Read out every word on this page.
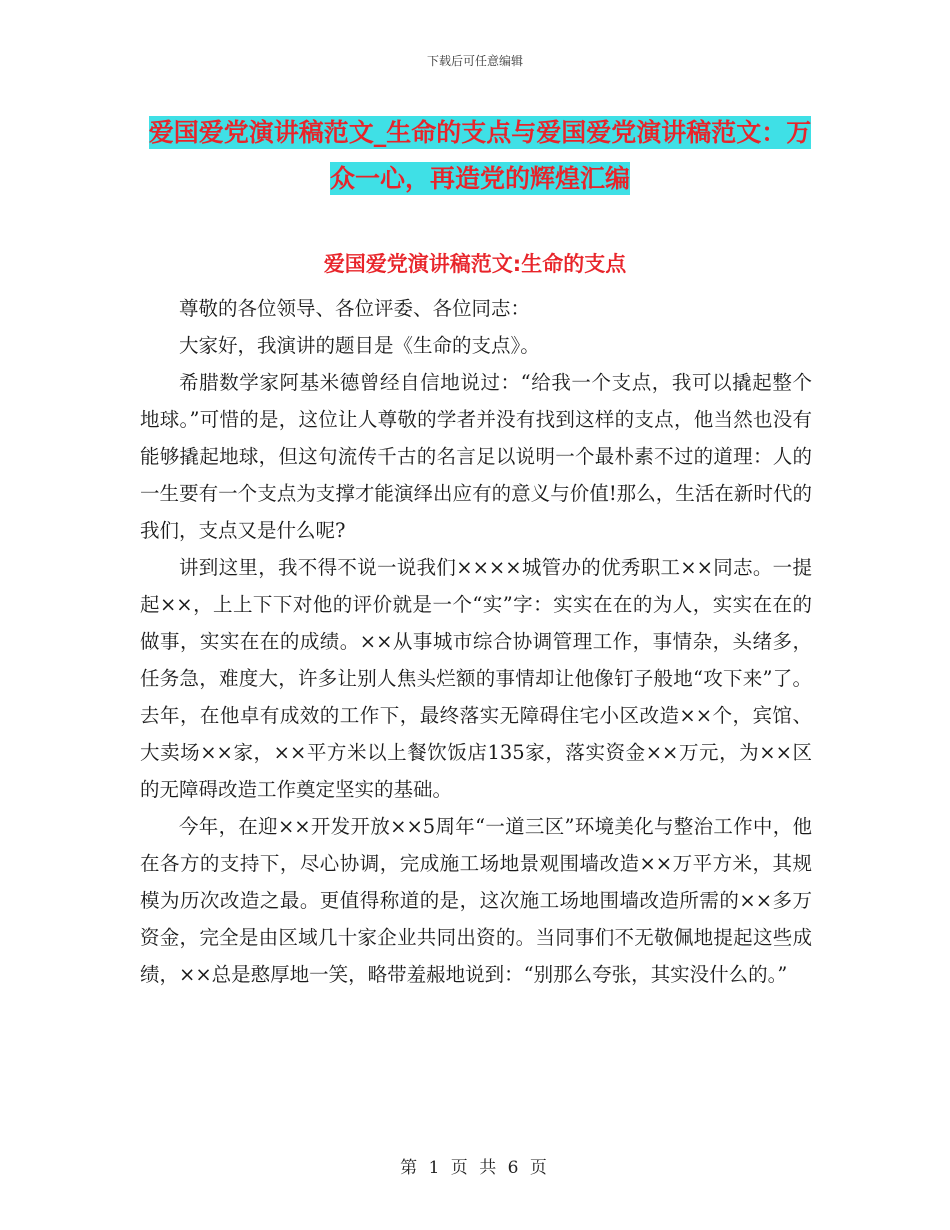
下载后可任意编辑
爱国爱党演讲稿范文_生命的支点与爱国爱党演讲稿范文：万众一心，再造党的辉煌汇编
爱国爱党演讲稿范文:生命的支点

尊敬的各位领导、各位评委、各位同志：

大家好，我演讲的题目是《生命的支点》。

希腊数学家阿基米德曾经自信地说过：“给我一个支点，我可以撬起整个地球。”可惜的是，这位让人尊敬的学者并没有找到这样的支点，他当然也没有能够撬起地球，但这句流传千古的名言足以说明一个最朴素不过的道理：人的一生要有一个支点为支撑才能演绎出应有的意义与价值!那么，生活在新时代的我们，支点又是什么呢?

讲到这里，我不得不说一说我们××××城管办的优秀职工××同志。一提起××，上上下下对他的评价就是一个“实”字：实实在在的为人，实实在在的做事，实实在在的成绩。××从事城市综合协调管理工作，事情杂，头绪多，任务急，难度大，许多让别人焦头烂额的事情却让他像钉子般地“攻下来”了。去年，在他卓有成效的工作下，最终落实无障碍住宅小区改造××个，宾馆、大卖场××家，××平方米以上餐饮饭店135家，落实资金××万元，为××区的无障碍改造工作奠定坚实的基础。

今年，在迎××开发开放××5周年“一道三区”环境美化与整治工作中，他在各方的支持下，尽心协调，完成施工场地景观围墙改造××万平方米，其规模为历次改造之最。更值得称道的是，这次施工场地围墙改造所需的××多万资金，完全是由区域几十家企业共同出资的。当同事们不无敬佩地提起这些成绩，××总是憨厚地一笑，略带羞赧地说到：“别那么夸张，其实没什么的。”

第 1 页 共 6 页
